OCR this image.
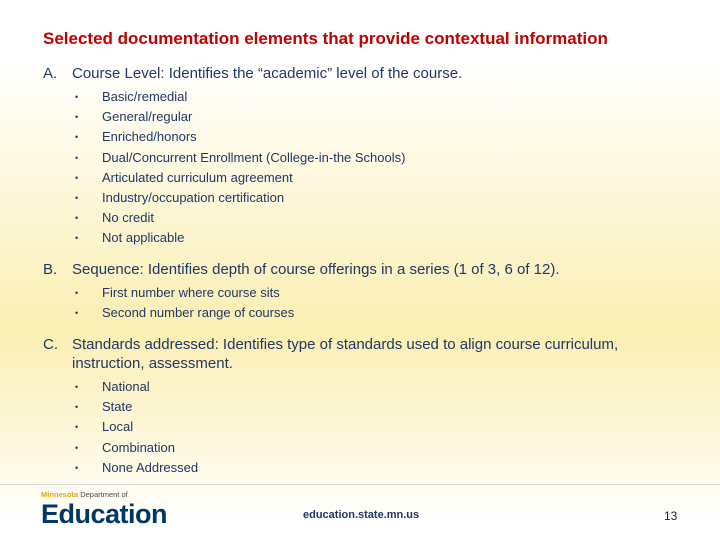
Selected documentation elements that provide contextual information
A. Course Level: Identifies the “academic” level of the course.
• Basic/remedial
• General/regular
• Enriched/honors
• Dual/Concurrent Enrollment (College-in-the Schools)
• Articulated curriculum agreement
• Industry/occupation certification
• No credit
• Not applicable
B. Sequence: Identifies depth of course offerings in a series (1 of 3, 6 of 12).
• First number where course sits
• Second number range of courses
C. Standards addressed: Identifies type of standards used to align course curriculum, instruction, assessment.
• National
• State
• Local
• Combination
• None Addressed
Minnesota Department of
Education	education.state.mn.us	13
